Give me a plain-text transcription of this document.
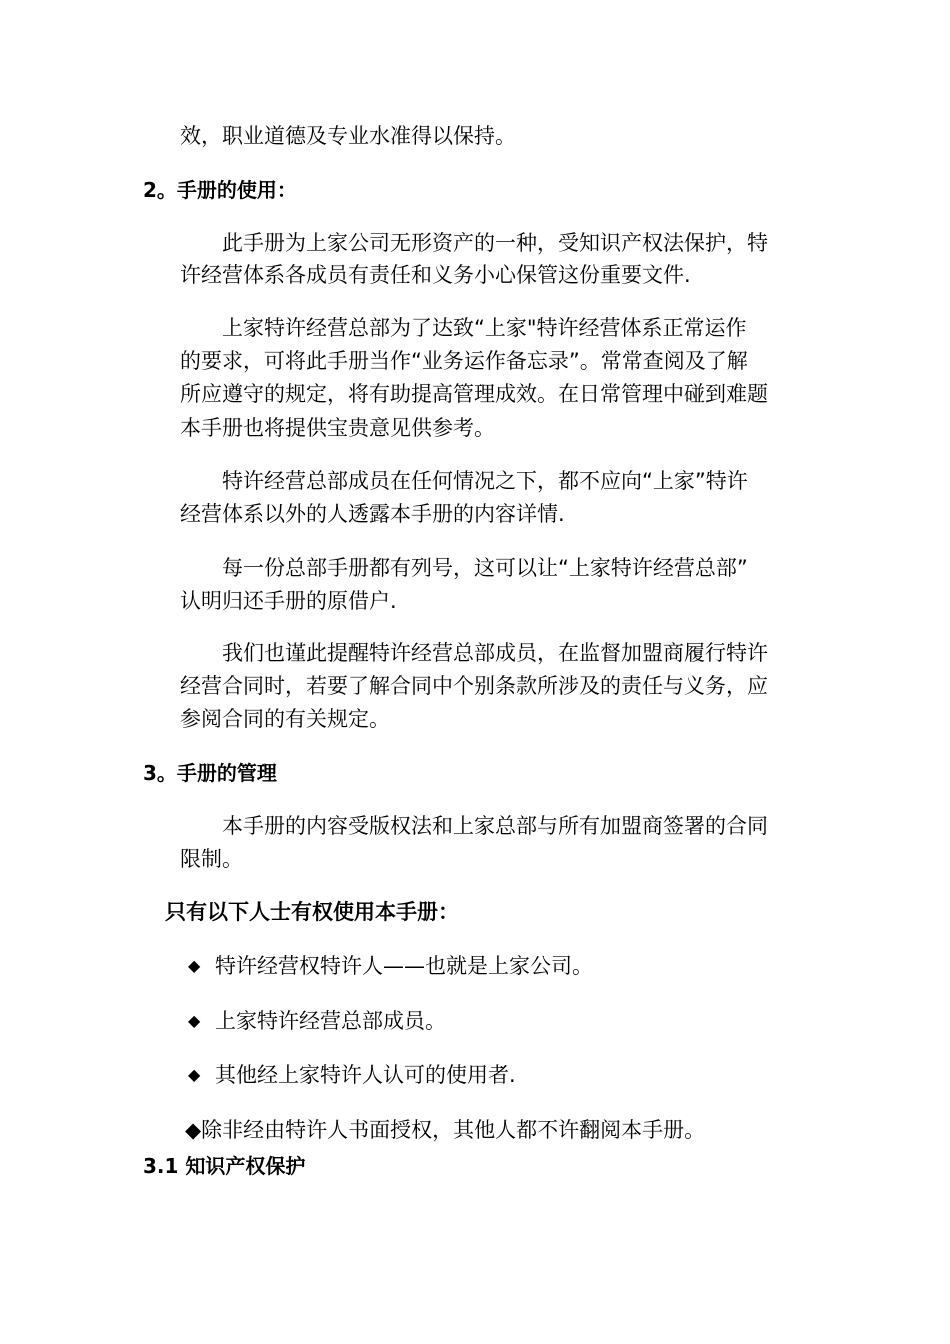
效，职业道德及专业水准得以保持。
2。手册的使用：
此手册为上家公司无形资产的一种，受知识产权法保护，特
许经营体系各成员有责任和义务小心保管这份重要文件.
上家特许经营总部为了达致“上家"特许经营体系正常运作
的要求，可将此手册当作“业务运作备忘录”。常常查阅及了解
所应遵守的规定，将有助提高管理成效。在日常管理中碰到难题
本手册也将提供宝贵意见供参考。
特许经营总部成员在任何情况之下，都不应向“上家”特许
经营体系以外的人透露本手册的内容详情.
每一份总部手册都有列号，这可以让“上家特许经营总部”
认明归还手册的原借户.
我们也谨此提醒特许经营总部成员，在监督加盟商履行特许
经营合同时，若要了解合同中个别条款所涉及的责任与义务，应
参阅合同的有关规定。
3。手册的管理
本手册的内容受版权法和上家总部与所有加盟商签署的合同
限制。
只有以下人士有权使用本手册：
◆ 特许经营权特许人——也就是上家公司。
◆ 上家特许经营总部成员。
◆ 其他经上家特许人认可的使用者.
◆除非经由特许人书面授权，其他人都不许翻阅本手册。
3.1 知识产权保护
